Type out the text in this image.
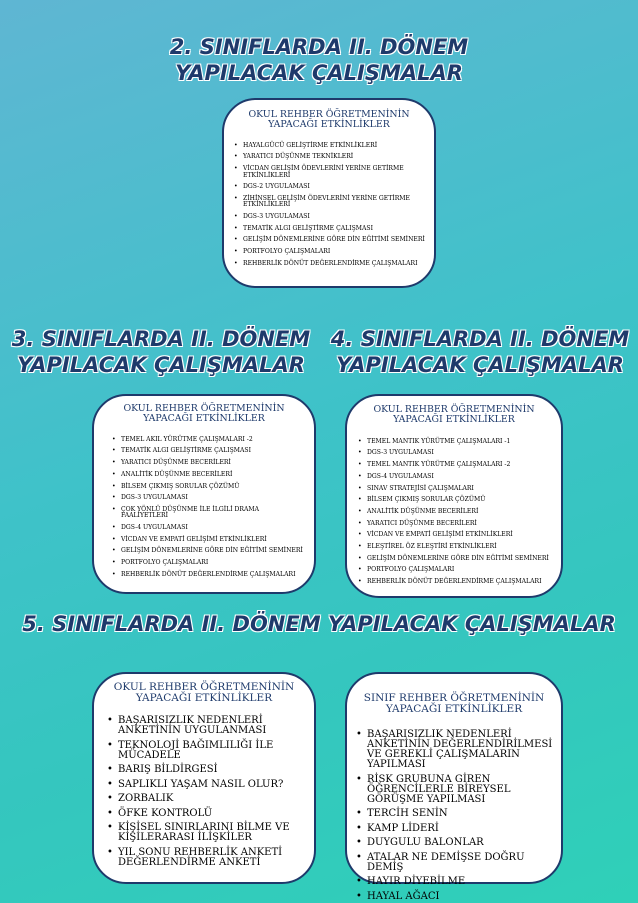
2. SINIFLARDA II. DÖNEM
YAPILACAK ÇALIŞMALAR
OKUL REHBER ÖĞRETMENİNİN
YAPACAĞI ETKİNLİKLER
• HAYALGÜCÜ GELİŞTİRME ETKİNLİKLERİ
• YARATICI DÜŞÜNME TEKNİKLERİ
• VİCDAN GELİŞİM ÖDEVLERİNİ YERİNE GETİRME ETKİNLİKLERİ
• DGS-2 UYGULAMASI
• ZİHİNSEL GELİŞİM ÖDEVLERİNİ YERİNE GETİRME ETKİNLİKLERİ
• DGS-3 UYGULAMASI
• TEMATİK ALGI GELİŞTİRME ÇALIŞMASI
• GELİŞİM DÖNEMLERİNE GÖRE DİN EĞİTİMİ SEMİNERİ
• PORTFOLYO ÇALIŞMALARI
• REHBERLİK DÖNÜT DEĞERLENDİRME ÇALIŞMALARI
3. SINIFLARDA II. DÖNEM
YAPILACAK ÇALIŞMALAR
OKUL REHBER ÖĞRETMENİNİN
YAPACAĞI ETKİNLİKLER
• TEMEL AKIL YÜRÜTME ÇALIŞMALARI -2
• TEMATİK ALGI GELİŞTİRME ÇALIŞMASI
• YARATICI DÜŞÜNME BECERİLERİ
• ANALİTİK DÜŞÜNME BECERİLERİ
• BİLSEM ÇIKMIŞ SORULAR ÇÖZÜMÜ
• DGS-3 UYGULAMASI
• ÇOK YÖNLÜ DÜŞÜNME İLE İLGİLİ DRAMA FAALİYETLERİ
• DGS-4 UYGULAMASI
• VİCDAN VE EMPATİ GELİŞİMİ ETKİNLİKLERİ
• GELİŞİM DÖNEMLERİNE GÖRE DİN EĞİTİMİ SEMİNERİ
• PORTFOLYO ÇALIŞMALARI
• REHBERLİK DÖNÜT DEĞERLENDİRME ÇALIŞMALARI
4. SINIFLARDA II. DÖNEM
YAPILACAK ÇALIŞMALAR
OKUL REHBER ÖĞRETMENİNİN
YAPACAĞI ETKİNLİKLER
• TEMEL MANTIK YÜRÜTME ÇALIŞMALARI -1
• DGS-3 UYGULAMASI
• TEMEL MANTIK YÜRÜTME ÇALIŞMALARI -2
• DGS-4 UYGULAMASI
• SINAV STRATEJİSİ ÇALIŞMALARI
• BİLSEM ÇIKMIŞ SORULAR ÇÖZÜMÜ
• ANALİTİK DÜŞÜNME BECERİLERİ
• YARATICI DÜŞÜNME BECERİLERİ
• VİCDAN VE EMPATİ GELİŞİMİ ETKİNLİKLERİ
• ELEŞTİREL ÖZ ELEŞTİRİ ETKİNLİKLERİ
• GELİŞİM DÖNEMLERİNE GÖRE DİN EĞİTİMİ SEMİNERİ
• PORTFOLYO ÇALIŞMALARI
• REHBERLİK DÖNÜT DEĞERLENDİRME ÇALIŞMALARI
5. SINIFLARDA II. DÖNEM YAPILACAK ÇALIŞMALAR
OKUL REHBER ÖĞRETMENİNİN
YAPACAĞI ETKİNLİKLER
• BAŞARISIZLIK NEDENLERİ ANKETİNİN UYGULANMASI
• TEKNOLOJİ BAĞIMLILIĞI İLE MÜCADELE
• BARIŞ BİLDİRGESİ
• SAPLIKLI YAŞAM NASIL OLUR?
• ZORBALIK
• ÖFKE KONTROLÜ
• KİŞİSEL SINIRLARINI BİLME VE KİŞİLERARASI İLİŞKİLER
• YIL SONU REHBERLİK ANKETİ DEĞERLENDİRME ANKETİ
SINIF REHBER ÖĞRETMENİNİN
YAPACAĞI ETKİNLİKLER
• BAŞARISIZLIK NEDENLERİ ANKETİNİN DEĞERLENDİRİLMESİ VE GEREKLİ ÇALIŞMALARIN YAPILMASI
• RİSK GRUBUNA GİREN ÖĞRENCİLERLE BİREYSEL GÖRÜŞME YAPILMASI
• TERCİH SENİN
• KAMP LİDERİ
• DUYGULU BALONLAR
• ATALAR NE DEMİŞSE DOĞRU DEMİŞ
• HAYIR DİYEBİLME
• HAYAL AĞACI
